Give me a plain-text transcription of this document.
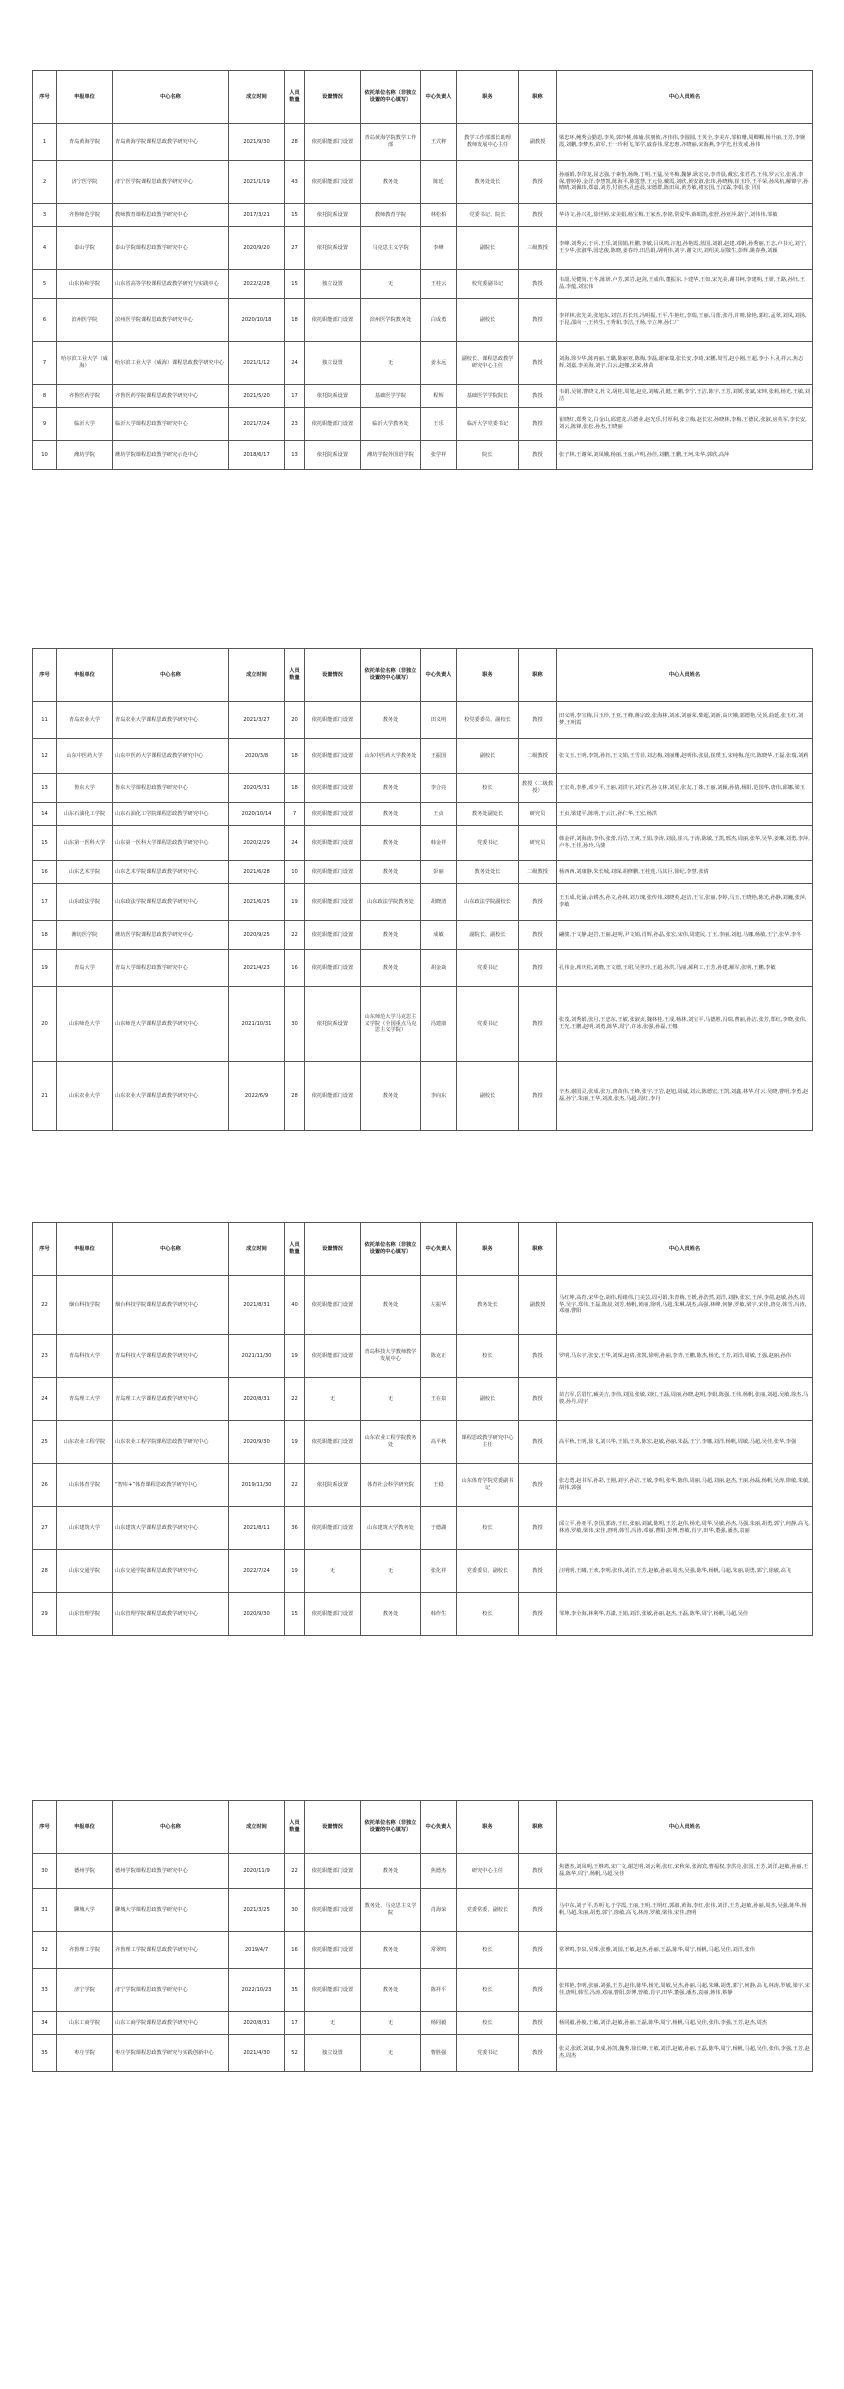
序号	申报单位	中心名称	成立时间	人员数量	设置情况	依托单位名称（非独立设置的中心填写）	中心负责人	职务	职称	中心人员姓名
1	青岛黄海学院	青岛黄海学院课程思政教学研究中心	2021/9/30	28	依托职能部门设置	青岛黄海学院教学工作部	王式秤	教学工作部部长助理　教师发展中心主任	副教授	梁忠环,鲍秀会勤恩,李英,郭玲桃,韩瑜,侯朋攸,齐伟伟,李圆圆,王英全,李美卉,邹柏珊,周卿卿,杨升丽,王芳,李婉霞,刘鹏,李梦杰,苗军,王一玲利飞,邹学,戚春伟,常忠惠,齐晓丽,宋海燕,李学光,杜发戒,孙伟
2	济宁医学院	济宁医学院课程思政教学研究中心	2021/1/19	43	依托职能部门设置	教务处	陈廷	教务处处长	教授	孙丽娟,李印龙,屈志强,于素怡,杨焕,丁明,王猛,吴冬梅,魏静,耿宏亮,李青晨,戴宏,张君君,王伟,罗云宝,张茜,李保,曹婷婷,金洋,李慧凯,陈海平,陈霆慧,王元俭,戴霞,刘欣,黄安淑,张玮,孙晓梅,崔玉玲,王平荣,孙凤杭,解锦宇,孙晴晴,刘佩玮,郑嘉,刘芳,付润杰,孔连晨,宋德群,陈田凤,黄芳敏,褚宏国,王汉霖,李娟,张卫国
3	齐鲁师范学院	教师教育课程思政教学研究中心	2017/3/21	15	依托院系设置	教师教育学院	林松柏	党委书记、院长	教授	华诗文,孙兴礼,徐世婷,宋美娟,杨宝梅,王家杰,李铭,常爱华,薛昭凯,张舒,孙亚萍,路宁,刘伟伟,邹敏
4	泰山学院	泰山学院课程思政教学研究中心	2020/9/20	27	依托院系设置	马克思主义学院	李峰	副院长	三级教授	李峰,刘秀云,于兵,王乐,刘国娟,杜鹏,李敏,吕凤鸣,汪旭,孙艳霞,蓝国,刘娟,赵建,邓帆,孙秀丽,王志,卢书元,刘宁,王少华,张淑华,国忠俊,陈晓,姜春玲,田昌娟,胡明伟,刘宇,谢文庆,刘绍美,屈敬生,彭辉,姚春燕,刘颖
5	山东协和学院	山东省高等学校课程思政教学研究与实践中心	2022/2/28	15	独立设置	无	王桂云	校党委副书记	教授	韦韶,吴健尚,王冬,陈妍,卢芳,郭岩,赵剑,王成伟,董振东,卜建华,王如,宋光美,谢书柯,李建明,王妍,王路,孙钰,王晶,李蕴,刘宏伟
6	滨州医学院	滨州医学院课程思政教学研究中心	2020/10/18	18	依托职能部门设置	滨州医学院教务处	白成勇	副校长	教授	李祥林,张先美,张旭东,刘岩,苏长珏,冯明振,王平,牛艳红,李瑞,王丽,马蕾,张丹,许晴,徐艳,郭红,孟翠,刘凤,刘扬,于昆,邵向一,王传生,王秀和,李洁,王杨,辛立坤,孙仁广
7	哈尔滨工业大学（威海）	哈尔滨工业大学（威海）课程思政教学研究中心	2021/1/12	24	独立设置	无	姜永远	副校长、课程思政教学研究中心主任	教授	刘海,徐少华,陈再丽,王璐,陈丽亚,陈梅,李磊,谢家瑞,张长安,李琦,宋鹏,周雪,赵小刚,王超,李小卜,孔祥云,焦志辉,刘嘉,李美海,刘宇,白云,赵娜,宋来,林苗
8	齐鲁医药学院	齐鲁医药学院课程思政教学研究中心	2021/5/20	17	依托院系设置	基础医学学院	程辉	基础医学学院院长	教授	韦娟,吴铭,曹晓文,杜文,胡桂,周旭,赵克,刘峻,孔健,王鹏,李宁,王洁,陈宇,王芳,刘媛,张斌,宋坤,张莉,杨光,王敏,刘洁
9	临沂大学	临沂大学课程思政教学研究中心	2021/7/24	23	依托职能部门设置	临沂大学教务处	王乐	临沂大学党委书记	教授	崔晓红,郑秀文,白金山,邱建龙,吕德业,赵光乐,付厚利,张立梅,赵长宏,孙晓林,李梅,王德民,张淑,房英军,李长安,刘云,陈锋,张松,孙杰,王晓丽
10	潍坊学院	潍坊学院课程思政教学研究示范中心	2018/6/17	13	依托院系设置	潍坊学院外国语学院	张学祥	院长	教授	张子林,王谢荣,刘凤娥,杨丽,王丽,卢明,孙佳,刘鹏,王鹏,王珂,朱华,郭欣,高萍
序号	申报单位	中心名称	成立时间	人员数量	设置情况	依托单位名称（非独立设置的中心填写）	中心负责人	职务	职称	中心人员姓名
11	青岛农业大学	青岛农业大学课程思政教学研究中心	2021/3/27	20	依托职能部门设置	教务处	田义明	校党委委员、副校长	教授	田义明,李宝梅,吕玉珍,王亚,王峰,蒋宗政,张海林,刘冰,刘丽荣,柴超,刘新,高庆娥,郭德艳,吴顶,曲延,张玉红,刘梦,王明霞
12	山东中医药大学	山东中医药大学课程思政教学研究中心	2020/3/8	18	依托职能部门设置	山东中医药大学教务处	王振国	副校长	二级教授	张文玉,王明,李凯,孙钰,王文娟,王雪菲,刘志梅,刘丽珊,赵明伟,张晨,崔璞玉,宋纯梅,范庆,陈晓华,王磊,张瑞,刘莉
13	鲁东大学	鲁东大学课程思政教学研究中心	2020/5/31	18	依托职能部门设置	教务处	李合亮	校长	教授（二级教授）	王宏英,李胜,邓少平,王丽,刘洪宇,刘宝君,孙文林,刘星,张友,丁姝,王丽,刘颖,孙倩,杨阳,范国华,唐伟,邱娜,梁玉
14	山东石油化工学院	山东石油化工学院课程思政教学研究中心	2020/10/14	7	依托职能部门设置	教务处	王贞	教务处副处长	研究员	王贞,梁建平,陈明,于云江,孙仁华,王宏,杨洪
15	山东第一医科大学	山东第一医科大学课程思政教学研究中心	2020/2/29	24	依托职能部门设置	教务处	韩金祥	党委书记	研究员	韩金祥,刘海涛,李伟,张蕾,冯岩,王爽,王娟,李涛,刘晨,崔兴,于涛,陈敏,王凯,邢杰,周丽,张华,吴华,姜琳,刘勇,李萍,卢冬,王佳,孙玲,马骏
16	山东艺术学院	山东艺术学院课程思政教学研究中心	2021/6/28	10	依托职能部门设置	教务处	彭丽	教务处处长	二级教授	杨西西,刘康静,朱长城,刘琛,胡修鹏,王桂莲,马其巨,徐纪,李慧,张倩
17	山东政法学院	山东政法学院课程思政教学研究中心	2021/6/25	19	依托职能部门设置	山东政法学院教务处	胡晓清	山东政法学院副校长	教授	王玉成,化涌,余耕杰,孙文,孙林,刘万瑰,张传伟,刘晓英,赵洁,王宝,张丽,李婷,马玉,王晓艳,陈光,孙静,刘巍,张萍,李敏
18	潍坊医学院	潍坊医学院课程思政教学研究中心	2020/9/25	22	依托职能部门设置	教务处	成敏	副院长、副校长	教授	翩骏,于文静,赵岩,王丽,赵明,尹文娟,肖辉,孙晶,张宏,宋伟,周建民,丁玉,李丽,刘旭,马娜,杨敏,王宁,张华,李冬
19	青岛大学	青岛大学课程思政教学研究中心	2021/4/23	16	依托职能部门设置	教务处	胡金焱	党委书记	教授	孔伟金,席庆松,刘晓,王文德,王珺,吴世玲,王超,孙洪,马丽,郝利工,王芳,孙建,解军,张明,王鹏,李敏
20	山东师范大学	山东师范大学课程思政教学研究中心	2021/10/31	30	依托院系设置	山东师范大学马克思主义学院（全国重点马克思主义学院）	冯建康	党委书记	教授	张茂,刘秀娟,张月,王忠东,王敏,张淑贞,魏林桂,王成,杨林,刘宝平,马德胜,冯瑞,曹丽,孙洁,张芳,郑红,李晓,张伟,王光,王鹏,赵明,刘勇,陈华,周宁,许冰,张强,孙磊,王娜
21	山东农业大学	山东农业大学课程思政教学研究中心	2022/6/9	28	依托职能部门设置	教务处	李向东	副校长	教授	辛杰,谢国灵,张成,张万,唐苗伟,王峰,张宇,王岩,赵旭,周诚,刘云,陈德宏,王凯,刘鑫,林华,付云,吴晓,曹明,李勇,赵磊,孙宁,朱丽,王华,刘波,张杰,马超,周红,李丹
序号	申报单位	中心名称	成立时间	人员数量	设置情况	依托单位名称（非独立设置的中心填写）	中心负责人	职务	职称	中心人员姓名
22	烟台科技学院	烟台科技学院课程思政教学研究中心	2021/8/31	40	依托职能部门设置	教务处	左振华	教务处长	副教授	马红坤,高育,宋华仓,胡伟,程绪伟,门美芸,周可娟,朱青梅,王媛,孙浩然,刘洋,刘静,张宏,王萍,李倩,赵敏,孙杰,周华,吴宇,郑伟,王磊,陈晨,刘芳,杨帆,黄丽,徐明,马超,朱琳,胡杰,高强,林峰,何静,罗敏,梁宇,宋佳,唐亮,韩雪,冯涛,邓丽,曹阳
23	青岛科技大学	青岛科技大学课程思政教学研究中心	2021/11/30	19	依托职能部门设置	青岛科技大学教师教学发展中心	陈克正	校长	教授	罗明,马东宇,张安,王华,刘琛,赵倩,张凯,徐明,孙丽,李青,王鹏,陈杰,杨光,王芳,刘洋,周敏,王强,赵丽,孙伟
24	青岛理工大学	青岛理工大学课程思政教学研究中心	2020/8/31	22	无	无	王在泉	副校长	教授	苗吉军,岳眉忙,臧美吉,李伟,刘国,张敏,刘红,王磊,周丽,孙晓,赵明,李娟,陈强,王伟,杨帆,张丽,刘超,吴敏,徐杰,马骏,孙丹,周宇
25	山东农业工程学院	山东农业工程学院课程思政教学研究中心	2020/9/30	19	依托职能部门设置	山东农业工程学院教务处	高平秋	课程思政教学研究中心主任	教授	高平秋,王明,徐飞,刘兴华,王娟,王英,陈宏,赵敏,孙丽,朱磊,王宁,李娜,刘洋,杨帆,周敏,马超,吴佳,张华,李强
26	山东体育学院	“智库+”体育课程思政教学研究中心	2019/11/30	22	依托院系设置	体育社会科学研究院	王稳	山东体育学院党委副书记	教授	张志勇,赵书军,孙彩,王刚,刘宇,孙洁,王敏,李明,张华,陈伟,周丽,马超,刘丽,赵杰,王丽,孙磊,杨帆,吴涛,徐敏,朱敏,胡伟,郭强
27	山东建筑大学	山东建筑大学课程思政教学研究中心	2021/8/11	36	依托职能部门设置	山东建筑大学教务处	于德湖	校长	教授	邱立平,孙亚平,李国,郭涛,王红,张丽,刘斌,陈明,王芳,赵伟,杨光,周华,吴敏,孙杰,马强,朱丽,胡勇,郭宁,何静,高飞,林涛,罗敏,梁伟,宋佳,唐明,韩雪,冯涛,邓丽,曹阳,彭博,曾敏,肖宇,田华,董强,潘杰,袁丽
28	山东交通学院	山东交通学院课程思政教学研究中心	2022/7/24	19	无	无	张化祥	党委委员、副校长	教授	汪明明,王曦,王欢,李明,张伟,刘洋,王芳,赵敏,孙丽,周杰,吴强,陈华,杨帆,马超,朱丽,胡勇,郭宁,徐敏,高飞
29	山东管理学院	山东管理学院课程思政教学研究中心	2020/9/30	15	依托职能部门设置	教务处	韩作生	校长	教授	邹坤,李全海,林利华,苏潇,王娟,刘洋,张敏,孙丽,赵杰,王磊,陈华,周宁,杨帆,马超,吴佳
序号	申报单位	中心名称	成立时间	人员数量	设置情况	依托单位名称（非独立设置的中心填写）	中心负责人	职务	职称	中心人员姓名
30	德州学院	德州学院课程思政教学研究中心	2020/11/9	22	依托职能部门设置	教务处	焦德杰	研究中心主任	教授	焦德杰,刘凤明,王继鸡,宋广文,谢芝明,刘云利,张红,宋秋荣,张海宾,曹福权,李洪亮,张国,王芳,刘洋,赵敏,孙丽,王磊,陈华,周宁,杨帆,马超,吴佳
31	聊城大学	聊城大学课程思政教学研究中心	2021/3/25	30	依托职能部门设置	教务处、马克思主义学院	肖海荣	党委常委、副校长	教授	马中东,刘子平,苏明飞,于学霞,王丽,王明,王明红,郭淑,黄海,李红,张伟,刘洋,王芳,赵敏,孙丽,周杰,吴强,陈华,杨帆,马超,朱丽,胡勇,郭宁,徐敏,高飞,林涛,罗敏,梁伟,宋佳,唐明
32	齐鲁理工学院	齐鲁理工学院课程思政教学研究中心	2019/4/7	16	依托职能部门设置	教务处	常翠鸣	校长	教授	常翠鸣,李泉,吴珠,张雅,刘国,王敏,赵杰,孙丽,王磊,陈华,周宁,杨帆,马超,吴佳,刘洋,张伟
33	济宁学院	济宁学院课程思政教学研究中心	2022/10/23	35	依托职能部门设置	教务处	陈祥平	校长	教授	张邦艳,李明,张丽,刘强,王芳,赵伟,陈华,杨光,周敏,吴杰,孙丽,马超,朱琳,胡勇,郭宁,何静,高飞,林涛,罗敏,梁宇,宋佳,唐明,韩雪,冯涛,邓丽,曹阳,彭博,曾敏,肖宇,田华,董强,潘杰,袁丽,蒋伟,蔡静
34	山东工商学院	山东工商学院课程思政教学研究中心	2020/8/31	17	无	无	杨同毅	校长	教授	杨同毅,孙俊,王敏,刘洋,赵敏,孙丽,王磊,陈华,周宁,杨帆,马超,吴佳,张伟,李强,王芳,赵杰,周杰
35	枣庄学院	枣庄学院课程思政教学研究与实践创新中心	2021/4/30	52	独立设置	无	曹胜强	党委书记	教授	张灵,张跃,刘斌,李成,孙凯,魏秀,徐长峰,王敏,刘洋,赵敏,孙丽,王磊,陈华,周宁,杨帆,马超,吴佳,张伟,李强,王芳,赵杰,周杰
